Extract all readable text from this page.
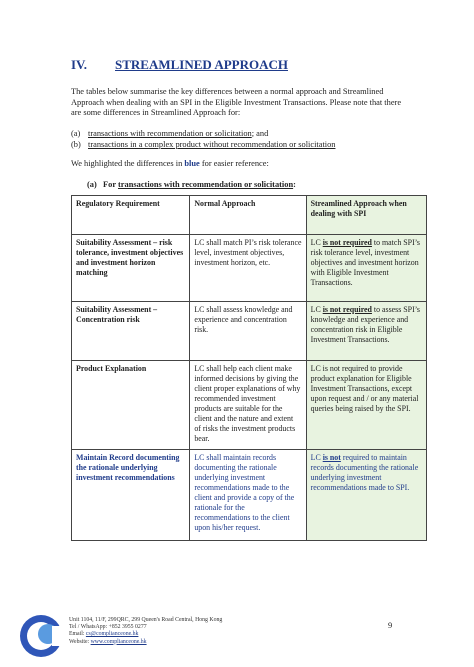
IV. STREAMLINED APPROACH
The tables below summarise the key differences between a normal approach and Streamlined Approach when dealing with an SPI in the Eligible Investment Transactions. Please note that there are some differences in Streamlined Approach for:
(a) transactions with recommendation or solicitation; and
(b) transactions in a complex product without recommendation or solicitation
We highlighted the differences in blue for easier reference:
(a) For transactions with recommendation or solicitation:
Regulatory Requirement	Normal Approach	Streamlined Approach when dealing with SPI
Suitability Assessment – risk tolerance, investment objectives and investment horizon matching	LC shall match PI’s risk tolerance level, investment objectives, investment horizon, etc.	LC is not required to match SPI’s risk tolerance level, investment objectives and investment horizon with Eligible Investment Transactions.
Suitability Assessment – Concentration risk	LC shall assess knowledge and experience and concentration risk.	LC is not required to assess SPI’s knowledge and experience and concentration risk in Eligible Investment Transactions.
Product Explanation	LC shall help each client make informed decisions by giving the client proper explanations of why recommended investment products are suitable for the client and the nature and extent of risks the investment products bear.	LC is not required to provide product explanation for Eligible Investment Transactions, except upon request and / or any material queries being raised by the SPI.
Maintain Record documenting the rationale underlying investment recommendations	LC shall maintain records documenting the rationale underlying investment recommendations made to the client and provide a copy of the rationale for the recommendations to the client upon his/her request.	LC is not required to maintain records documenting the rationale underlying investment recommendations made to SPI.
Unit 1104, 11/F, 299QRC, 299 Queen's Road Central, Hong Kong
Tel / WhatsApp: +852 3955 0277
Email: cs@complianceone.hk
Website: www.complianceone.hk
9
